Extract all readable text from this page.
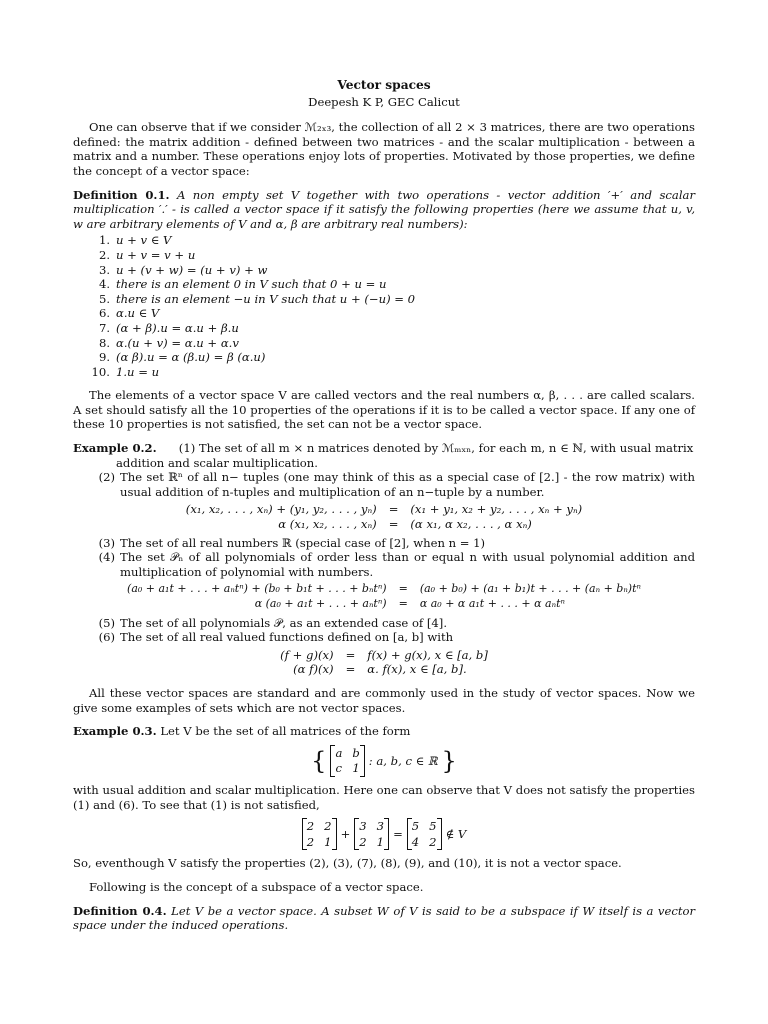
Vector spaces

Deepesh K P, GEC Calicut

One can observe that if we consider ℳ₂ₓ₃, the collection of all 2 × 3 matrices, there are two operations defined: the matrix addition - defined between two matrices - and the scalar multiplication - between a matrix and a number. These operations enjoy lots of properties. Motivated by those properties, we define the concept of a vector space:

Definition 0.1. A non empty set V together with two operations - vector addition ′+′ and scalar multiplication ′.′ - is called a vector space if it satisfy the following properties (here we assume that u, v, w are arbitrary elements of V and α, β are arbitrary real numbers):

1. u + v ∈ V
2. u + v = v + u
3. u + (v + w) = (u + v) + w
4. there is an element 0 in V such that 0 + u = u
5. there is an element −u in V such that u + (−u) = 0
6. α.u ∈ V
7. (α + β).u = α.u + β.u
8. α.(u + v) = α.u + α.v
9. (α β).u = α (β.u) = β (α.u)
10. 1.u = u

The elements of a vector space V are called vectors and the real numbers α, β, . . . are called scalars. A set should satisfy all the 10 properties of the operations if it is to be called a vector space. If any one of these 10 properties is not satisfied, the set can not be a vector space.

Example 0.2. (1) The set of all m × n matrices denoted by ℳₘₓₙ, for each m, n ∈ ℕ, with usual matrix
addition and scalar multiplication.
(2) The set ℝⁿ of all n− tuples (one may think of this as a special case of [2.] - the row matrix) with usual addition of n-tuples and multiplication of an n−tuple by a number.
(x₁, x₂, . . . , xₙ) + (y₁, y₂, . . . , yₙ)	=	(x₁ + y₁, x₂ + y₂, . . . , xₙ + yₙ)
α (x₁, x₂, . . . , xₙ)	=	(α x₁, α x₂, . . . , α xₙ)
(3) The set of all real numbers ℝ (special case of [2], when n = 1)
(4) The set 𝒫ₙ of all polynomials of order less than or equal n with usual polynomial addition and multiplication of polynomial with numbers.
(a₀ + a₁t + . . . + aₙtⁿ) + (b₀ + b₁t + . . . + bₙtⁿ)	=	(a₀ + b₀) + (a₁ + b₁)t + . . . + (aₙ + bₙ)tⁿ
α (a₀ + a₁t + . . . + aₙtⁿ)	=	α a₀ + α a₁t + . . . + α aₙtⁿ
(5) The set of all polynomials 𝒫, as an extended case of [4].
(6) The set of all real valued functions defined on [a, b] with
(f + g)(x)	=	f(x) + g(x), x ∈ [a, b]
(α f)(x)	=	α. f(x), x ∈ [a, b].

All these vector spaces are standard and are commonly used in the study of vector spaces. Now we give some examples of sets which are not vector spaces.

Example 0.3. Let V be the set of all matrices of the form

{ a b
c 1
: a, b, c ∈ ℝ }

with usual addition and scalar multiplication. Here one can observe that V does not satisfy the properties (1) and (6). To see that (1) is not satisfied,

2 2
2 1
+
3 3
2 1
=
5 5
4 2
∉ V

So, eventhough V satisfy the properties (2), (3), (7), (8), (9), and (10), it is not a vector space.

Following is the concept of a subspace of a vector space.

Definition 0.4. Let V be a vector space. A subset W of V is said to be a subspace if W itself is a vector space under the induced operations.
